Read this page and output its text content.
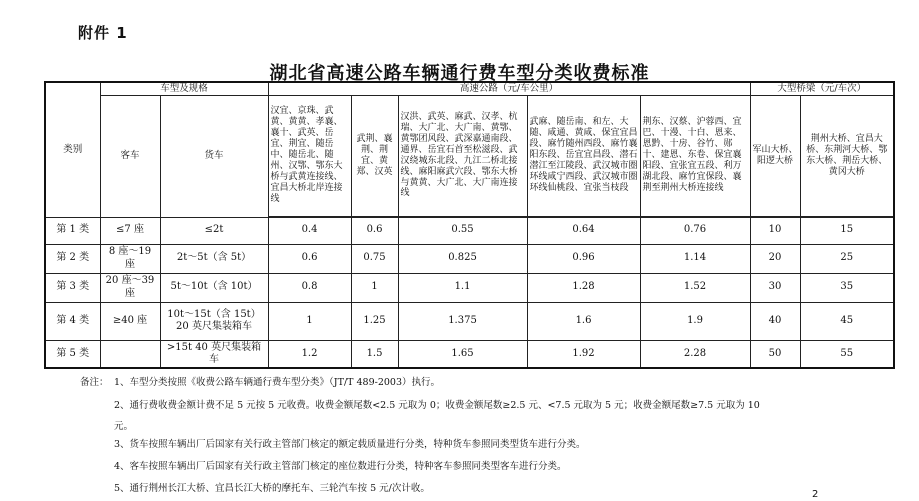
附件 1
湖北省高速公路车辆通行费车型分类收费标准
类别	车型及规格		高速公路（元/车公里）					大型桥梁（元/车次）	
	客车	货车	汉宜、京珠、武黄、黄黄、孝襄、襄十、武英、岳宜、荆宜、随岳中、随岳北、随州、汉鄂、鄂东大桥与武黄连接线、宜昌大桥北岸连接线	武荆、襄荆、荆宜、黄郑、汉英	汉洪、武英、麻武、汉孝、杭瑞、大广北、大广南、黄鄂、黄鄂团风段、武深嘉通南段、通界、岳宜石首至松滋段、武汉绕城东北段、九江二桥北接线、麻阳麻武穴段、鄂东大桥与黄黄、大广北、大广南连接线	武麻、随岳南、和左、大随、咸通、黄咸、保宜宜昌段、麻竹随州西段、麻竹襄阳东段、岳宜宜昌段、潜石潜江至江陵段、武汉城市圈环线咸宁西段、武汉城市圈环线仙桃段、宜张当枝段	荆东、汉蔡、沪蓉西、宜巴、十漫、十白、恩来、恩黔、十房、谷竹、郧十、建恩、东卷、保宜襄阳段、宜张宜五段、利万湖北段、麻竹宜保段、襄荆至荆州大桥连接线	军山大桥、阳逻大桥	荆州大桥、宜昌大桥、东荆河大桥、鄂东大桥、荆岳大桥、黄冈大桥

第 1 类	≤7 座	≤2t	0.4	0.6	0.55	0.64	0.76	10	15
第 2 类	8 座～19 座	2t～5t（含 5t）	0.6	0.75	0.825	0.96	1.14	20	25
第 3 类	20 座～39 座	5t～10t（含 10t）	0.8	1	1.1	1.28	1.52	30	35
第 4 类	≥40 座	10t～15t（含 15t） 20 英尺集装箱车	1	1.25	1.375	1.6	1.9	40	45
第 5 类		>15t 40 英尺集装箱车	1.2	1.5	1.65	1.92	2.28	50	55
备注： 1、车型分类按照《收费公路车辆通行费车型分类》（JT/T 489-2003）执行。
2、通行费收费金额计费不足 5 元按 5 元收费。收费金额尾数<2.5 元取为 0；收费金额尾数≥2.5 元、<7.5 元取为 5 元；收费金额尾数≥7.5 元取为 10
元。
3、货车按照车辆出厂后国家有关行政主管部门核定的额定载质量进行分类，特种货车参照同类型货车进行分类。
4、客车按照车辆出厂后国家有关行政主管部门核定的座位数进行分类，特种客车参照同类型客车进行分类。
5、通行荆州长江大桥、宜昌长江大桥的摩托车、三轮汽车按 5 元/次计收。
2
